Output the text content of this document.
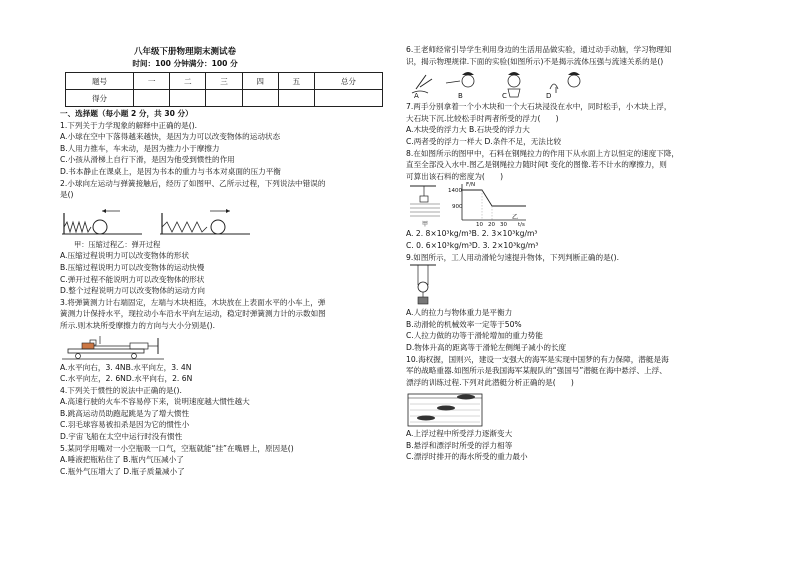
八年级下册物理期末测试卷
时间：100 分钟满分：100 分
题号	一	二	三	四	五	总分
得分						
一、选择题（每小题 2 分，共 30 分）
1.下列关于力学现象的解释中正确的是().
A.小球在空中下落得越来越快，是因为力可以改变物体的运动状态
B.人用力推车，车未动，是因为推力小于摩擦力
C.小孩从滑梯上自行下滑，是因为他受到惯性的作用
D.书本静止在课桌上，是因为书本的重力与书本对桌面的压力平衡
2.小球向左运动与弹簧接触后，经历了如图甲、乙所示过程，下列说法中错误的
是()
甲：压缩过程乙：弹开过程
A.压缩过程说明力可以改变物体的形状
B.压缩过程说明力可以改变物体的运动快慢
C.弹开过程不能说明力可以改变物体的形状
D.整个过程说明力可以改变物体的运动方向
3.将弹簧测力计右端固定，左端与木块相连，木块放在上表面水平的小车上，弹
簧测力计保持水平，现拉动小车沿水平向左运动，稳定时弹簧测力计的示数如图
所示.则木块所受摩擦力的方向与大小分别是().
A.水平向右，3. 4NB.水平向左，3. 4N
C.水平向左，2. 6ND.水平向右，2. 6N
4.下列关于惯性的说法中正确的是().
A.高速行驶的火车不容易停下来，说明速度越大惯性越大
B.跳高运动员助跑起跳是为了增大惯性
C.羽毛球容易被扣杀是因为它的惯性小
D.宇宙飞船在太空中运行时没有惯性
5.某同学用嘴对一小空瓶吸一口气，空瓶就能“挂”在嘴唇上，原因是()
A.唾液把瓶粘住了 B.瓶内气压减小了
C.瓶外气压增大了 D.瓶子质量减小了
6.王老师经常引导学生利用身边的生活用品做实验，通过动手动脑，学习物理知
识，揭示物理规律.下面的实验(如图所示)不是揭示流体压强与流速关系的是()
A	B	C	D
7.两手分别拿着一个小木块和一个大石块浸没在水中，同时松手，小木块上浮，
大石块下沉.比较松手时两者所受的浮力(　　)
A.木块受的浮力大 B.石块受的浮力大
C.两者受的浮力一样大 D.条件不足，无法比较
8.在如图所示的图甲中，石料在钢绳拉力的作用下从水面上方以恒定的速度下降，
直至全部没入水中.图乙是钢绳拉力随时间t 变化的图像.若不计水的摩擦力，则
可算出该石料的密度为(　　)
1400
900
10 20 30 t/s
F/N
甲
乙
A. 2. 8×10³kg/m³B. 2. 3×10³kg/m³
C. 0. 6×10³kg/m³D. 3. 2×10³kg/m³
9.如图所示，工人用动滑轮匀速提升物体，下列判断正确的是().
A.人的拉力与物体重力是平衡力
B.动滑轮的机械效率一定等于50%
C.人拉力做的功等于滑轮增加的重力势能
D.物体升高的距离等于滑轮左侧绳子减小的长度
10.海权握，国则兴，建设一支强大的海军是实现中国梦的有力保障，潜艇是海
军的战略重器.如图所示是我国海军某舰队的“强国号”潜艇在海中悬浮、上浮、
漂浮的训练过程.下列对此潜艇分析正确的是(　　)
A.上浮过程中所受浮力逐渐变大
B.悬浮和漂浮时所受的浮力相等
C.漂浮时排开的海水所受的重力最小
